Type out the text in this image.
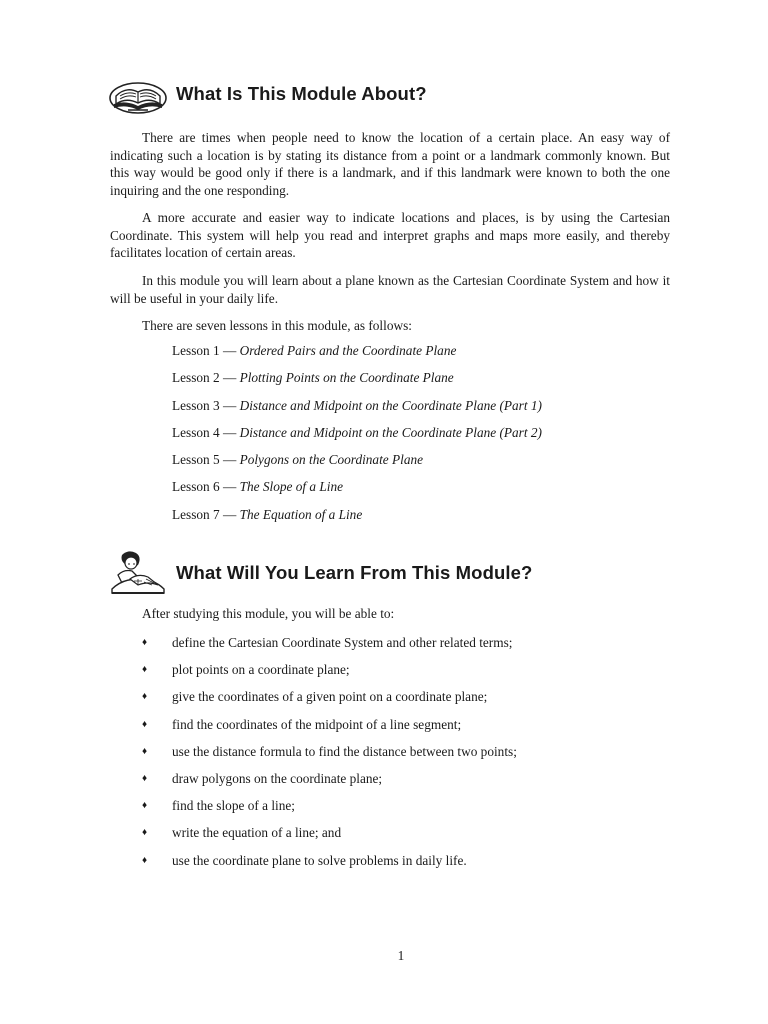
What Is This Module About?

There are times when people need to know the location of a certain place. An easy way of indicating such a location is by stating its distance from a point or a landmark commonly known. But this way would be good only if there is a landmark, and if this landmark were known to both the one inquiring and the one responding.

A more accurate and easier way to indicate locations and places, is by using the Cartesian Coordinate. This system will help you read and interpret graphs and maps more easily, and thereby facilitates location of certain areas.

In this module you will learn about a plane known as the Cartesian Coordinate System and how it will be useful in your daily life.

There are seven lessons in this module, as follows:

Lesson 1 — Ordered Pairs and the Coordinate Plane
Lesson 2 — Plotting Points on the Coordinate Plane
Lesson 3 — Distance and Midpoint on the Coordinate Plane (Part 1)
Lesson 4 — Distance and Midpoint on the Coordinate Plane (Part 2)
Lesson 5 — Polygons on the Coordinate Plane
Lesson 6 — The Slope of a Line
Lesson 7 — The Equation of a Line
What Will You Learn From This Module?

After studying this module, you will be able to:

♦	define the Cartesian Coordinate System and other related terms;
♦	plot points on a coordinate plane;
♦	give the coordinates of a given point on a coordinate plane;
♦	find the coordinates of the midpoint of a line segment;
♦	use the distance formula to find the distance between two points;
♦	draw polygons on the coordinate plane;
♦	find the slope of a line;
♦	write the equation of a line; and
♦	use the coordinate plane to solve problems in daily life.
1
